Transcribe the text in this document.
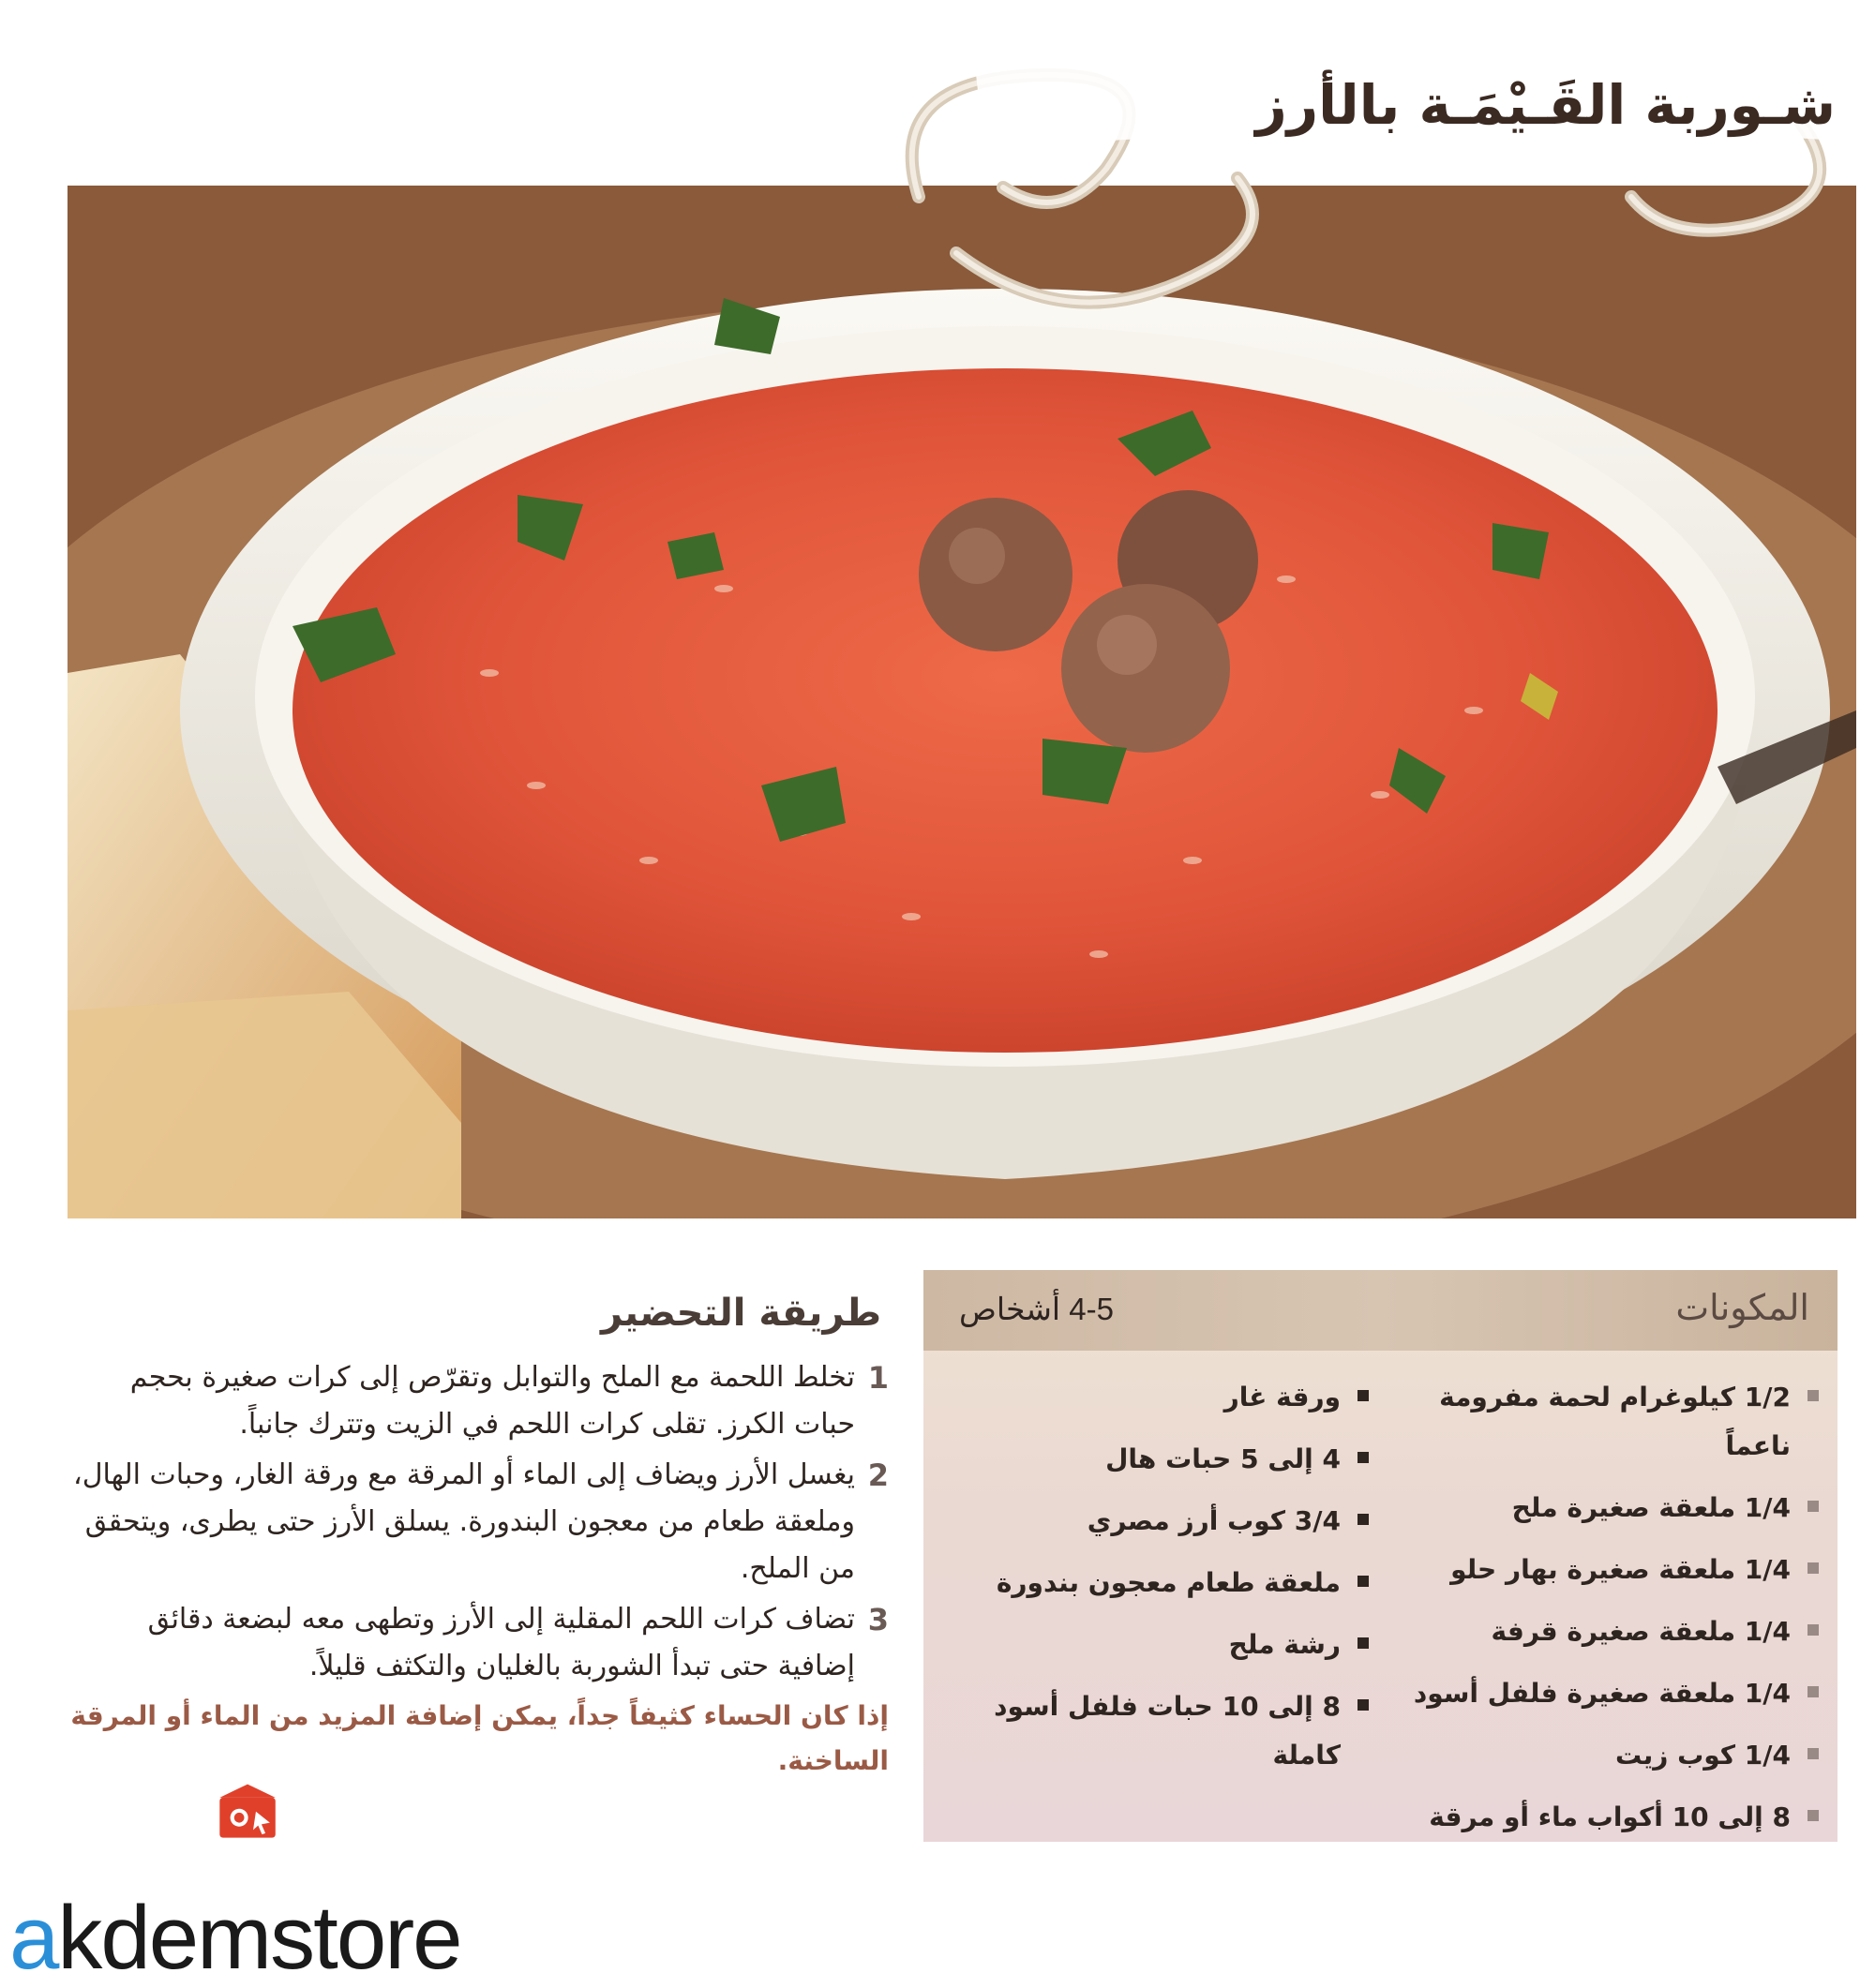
شـوربة القَـيْمَـة بالأرز
المكونات
4-5 أشخاص
1/2 كيلوغرام لحمة مفرومة ناعماً
1/4 ملعقة صغيرة ملح
1/4 ملعقة صغيرة بهار حلو
1/4 ملعقة صغيرة قرفة
1/4 ملعقة صغيرة فلفل أسود
1/4 كوب زيت
8 إلى 10 أكواب ماء أو مرقة
ورقة غار
4 إلى 5 حبات هال
3/4 كوب أرز مصري
ملعقة طعام معجون بندورة
رشة ملح
8 إلى 10 حبات فلفل أسود كاملة
طريقة التحضير

1
تخلط اللحمة مع الملح والتوابل وتقرّص إلى كرات صغيرة بحجم حبات الكرز. تقلى كرات اللحم في الزيت وتترك جانباً.

2
يغسل الأرز ويضاف إلى الماء أو المرقة مع ورقة الغار، وحبات الهال، وملعقة طعام من معجون البندورة. يسلق الأرز حتى يطرى، ويتحقق من الملح.

3
تضاف كرات اللحم المقلية إلى الأرز وتطهى معه لبضعة دقائق إضافية حتى تبدأ الشوربة بالغليان والتكثف قليلاً.

إذا كان الحساء كثيفاً جداً، يمكن إضافة المزيد من الماء أو المرقة الساخنة.

akdemstore
